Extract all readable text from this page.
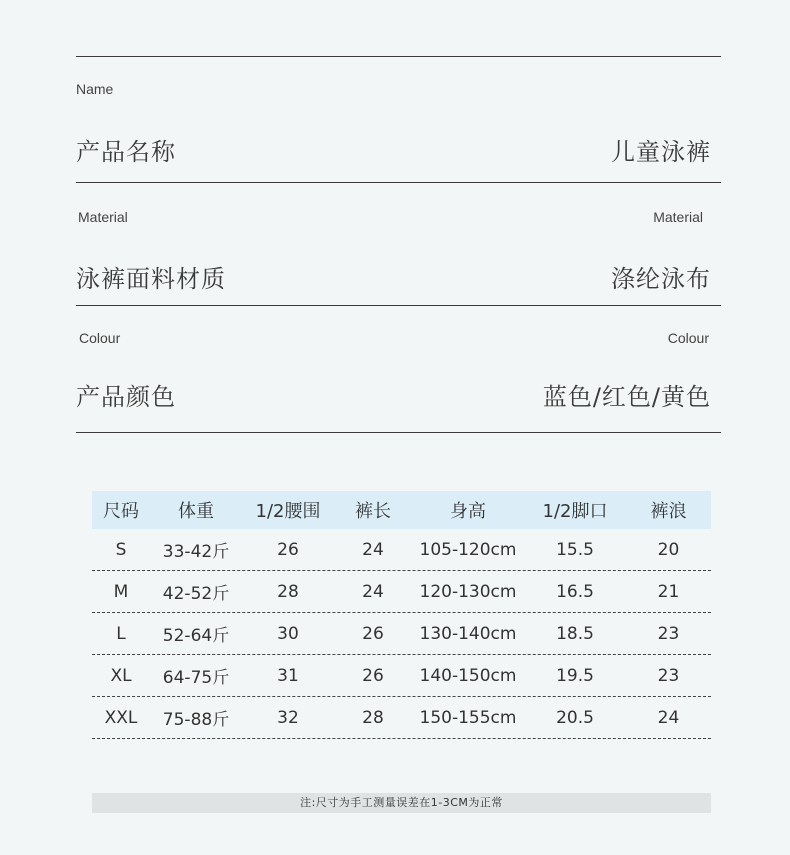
Name
产品名称	儿童泳裤
Material	Material
泳裤面料材质	涤纶泳布
Colour	Colour
产品颜色	蓝色/红色/黄色
尺码	体重	1/2腰围	裤长	身高	1/2脚口	裤浪
S	33-42斤	26	24	105-120cm	15.5	20
M	42-52斤	28	24	120-130cm	16.5	21
L	52-64斤	30	26	130-140cm	18.5	23
XL	64-75斤	31	26	140-150cm	19.5	23
XXL	75-88斤	32	28	150-155cm	20.5	24
注:尺寸为手工测量误差在1-3CM为正常
